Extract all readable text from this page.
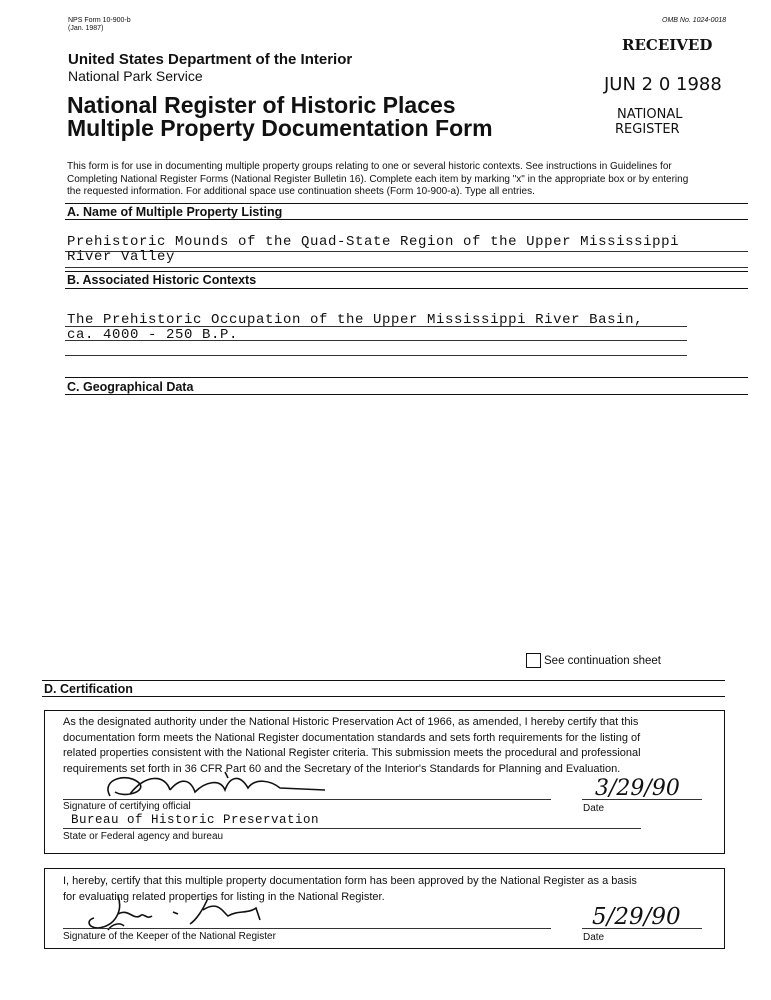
NPS Form 10-900-b
(Jan. 1987)
OMB No. 1024-0018
United States Department of the Interior
National Park Service
National Register of Historic Places
Multiple Property Documentation Form
RECEIVED
JUN 2 0 1988
NATIONAL
REGISTER
This form is for use in documenting multiple property groups relating to one or several historic contexts. See instructions in Guidelines for
Completing National Register Forms (National Register Bulletin 16). Complete each item by marking "x" in the appropriate box or by entering
the requested information. For additional space use continuation sheets (Form 10-900-a). Type all entries.
A. Name of Multiple Property Listing
Prehistoric Mounds of the Quad-State Region of the Upper Mississippi
River Valley
B. Associated Historic Contexts
The Prehistoric Occupation of the Upper Mississippi River Basin,
ca. 4000 - 250 B.P.
C. Geographical Data
See continuation sheet
D. Certification
As the designated authority under the National Historic Preservation Act of 1966, as amended, I hereby certify that this
documentation form meets the National Register documentation standards and sets forth requirements for the listing of
related properties consistent with the National Register criteria. This submission meets the procedural and professional
requirements set forth in 36 CFR Part 60 and the Secretary of the Interior's Standards for Planning and Evaluation.
Signature of certifying official
3/29/90
Date
Bureau of Historic Preservation
State or Federal agency and bureau
I, hereby, certify that this multiple property documentation form has been approved by the National Register as a basis
for evaluating related properties for listing in the National Register.
Signature of the Keeper of the National Register
5/29/90
Date
